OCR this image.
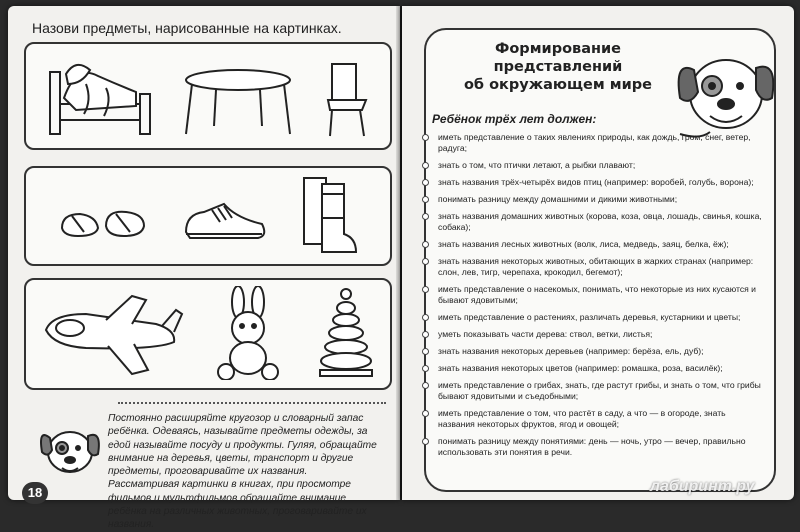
Назови предметы, нарисованные на картинках.
Постоянно расширяйте кругозор и словарный запас ребёнка. Одеваясь, называйте предметы одежды, за едой называйте посуду и продукты. Гуляя, обращайте внимание на деревья, цветы, транспорт и другие предметы, проговаривайте их названия. Рассматривая картинки в книгах, при просмотре фильмов и мультфильмов обращайте внимание ребёнка на различных животных, проговаривайте их названия.
18
Формирование представлений
об окружающем мире
Ребёнок трёх лет должен:
иметь представление о таких явлениях природы, как дождь, гром, снег, ветер, радуга;
знать о том, что птички летают, а рыбки плавают;
знать названия трёх-четырёх видов птиц (например: воробей, голубь, ворона);
понимать разницу между домашними и дикими животными;
знать названия домашних животных (корова, коза, овца, лошадь, свинья, кошка, собака);
знать названия лесных животных (волк, лиса, медведь, заяц, белка, ёж);
знать названия некоторых животных, обитающих в жарких странах (например: слон, лев, тигр, черепаха, крокодил, бегемот);
иметь представление о насекомых, понимать, что некоторые из них кусаются и бывают ядовитыми;
иметь представление о растениях, различать деревья, кустарники и цветы;
уметь показывать части дерева: ствол, ветки, листья;
знать названия некоторых деревьев (например: берёза, ель, дуб);
знать названия некоторых цветов (например: ромашка, роза, василёк);
иметь представление о грибах, знать, где растут грибы, и знать о том, что грибы бывают ядовитыми и съедобными;
иметь представление о том, что растёт в саду, а что — в огороде, знать названия некоторых фруктов, ягод и овощей;
понимать разницу между понятиями: день — ночь, утро — вечер, правильно использовать эти понятия в речи.
лабиринт.ру
